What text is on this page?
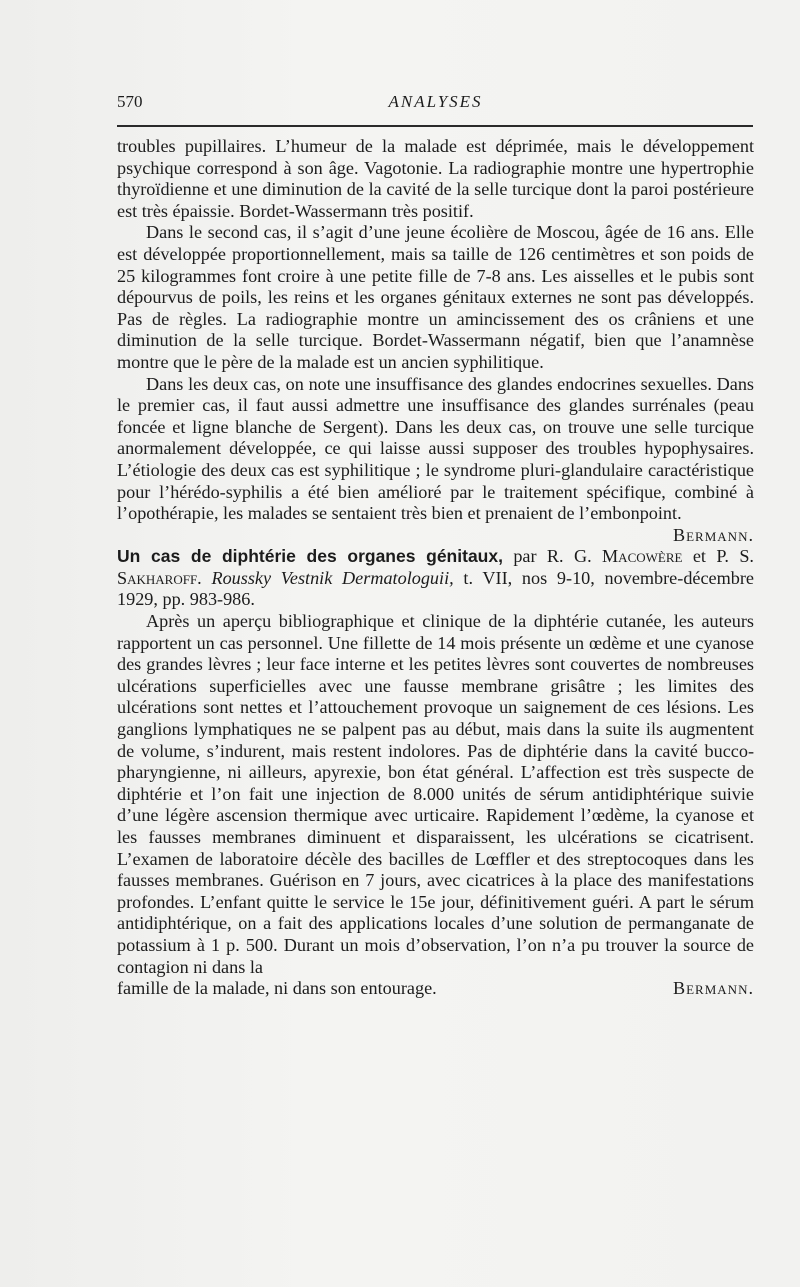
570	ANALYSES

troubles pupillaires. L’humeur de la malade est déprimée, mais le développement psychique correspond à son âge. Vagotonie. La radiographie montre une hypertrophie thyroïdienne et une diminution de la cavité de la selle turcique dont la paroi postérieure est très épaissie. Bordet-Wassermann très positif.

Dans le second cas, il s’agit d’une jeune écolière de Moscou, âgée de 16 ans. Elle est développée proportionnellement, mais sa taille de 126 centimètres et son poids de 25 kilogrammes font croire à une petite fille de 7-8 ans. Les aisselles et le pubis sont dépourvus de poils, les reins et les organes génitaux externes ne sont pas développés. Pas de règles. La radiographie montre un amincissement des os crâniens et une diminution de la selle turcique. Bordet-Wassermann négatif, bien que l’anamnèse montre que le père de la malade est un ancien syphilitique.

Dans les deux cas, on note une insuffisance des glandes endocrines sexuelles. Dans le premier cas, il faut aussi admettre une insuffisance des glandes surrénales (peau foncée et ligne blanche de Sergent). Dans les deux cas, on trouve une selle turcique anormalement développée, ce qui laisse aussi supposer des troubles hypophysaires. L’étiologie des deux cas est syphilitique ; le syndrome pluri-glandulaire caractéristique pour l’hérédo-syphilis a été bien amélioré par le traitement spécifique, combiné à l’opothérapie, les malades se sentaient très bien et prenaient de l’embonpoint.

Bermann.

Un cas de diphtérie des organes génitaux, par R. G. Macowère et P. S. Sakharoff. Roussky Vestnik Dermatologuii, t. VII, nos 9-10, novembre-décembre 1929, pp. 983-986.

Après un aperçu bibliographique et clinique de la diphtérie cutanée, les auteurs rapportent un cas personnel. Une fillette de 14 mois présente un œdème et une cyanose des grandes lèvres ; leur face interne et les petites lèvres sont couvertes de nombreuses ulcérations superficielles avec une fausse membrane grisâtre ; les limites des ulcérations sont nettes et l’attouchement provoque un saignement de ces lésions. Les ganglions lymphatiques ne se palpent pas au début, mais dans la suite ils augmentent de volume, s’indurent, mais restent indolores. Pas de diphtérie dans la cavité bucco-pharyngienne, ni ailleurs, apyrexie, bon état général. L’affection est très suspecte de diphtérie et l’on fait une injection de 8.000 unités de sérum antidiphtérique suivie d’une légère ascension thermique avec urticaire. Rapidement l’œdème, la cyanose et les fausses membranes diminuent et disparaissent, les ulcérations se cicatrisent. L’examen de laboratoire décèle des bacilles de Lœffler et des streptocoques dans les fausses membranes. Guérison en 7 jours, avec cicatrices à la place des manifestations profondes. L’enfant quitte le service le 15e jour, définitivement guéri. A part le sérum antidiphtérique, on a fait des applications locales d’une solution de permanganate de potassium à 1 p. 500. Durant un mois d’observation, l’on n’a pu trouver la source de contagion ni dans la

famille de la malade, ni dans son entourage.	Bermann.
